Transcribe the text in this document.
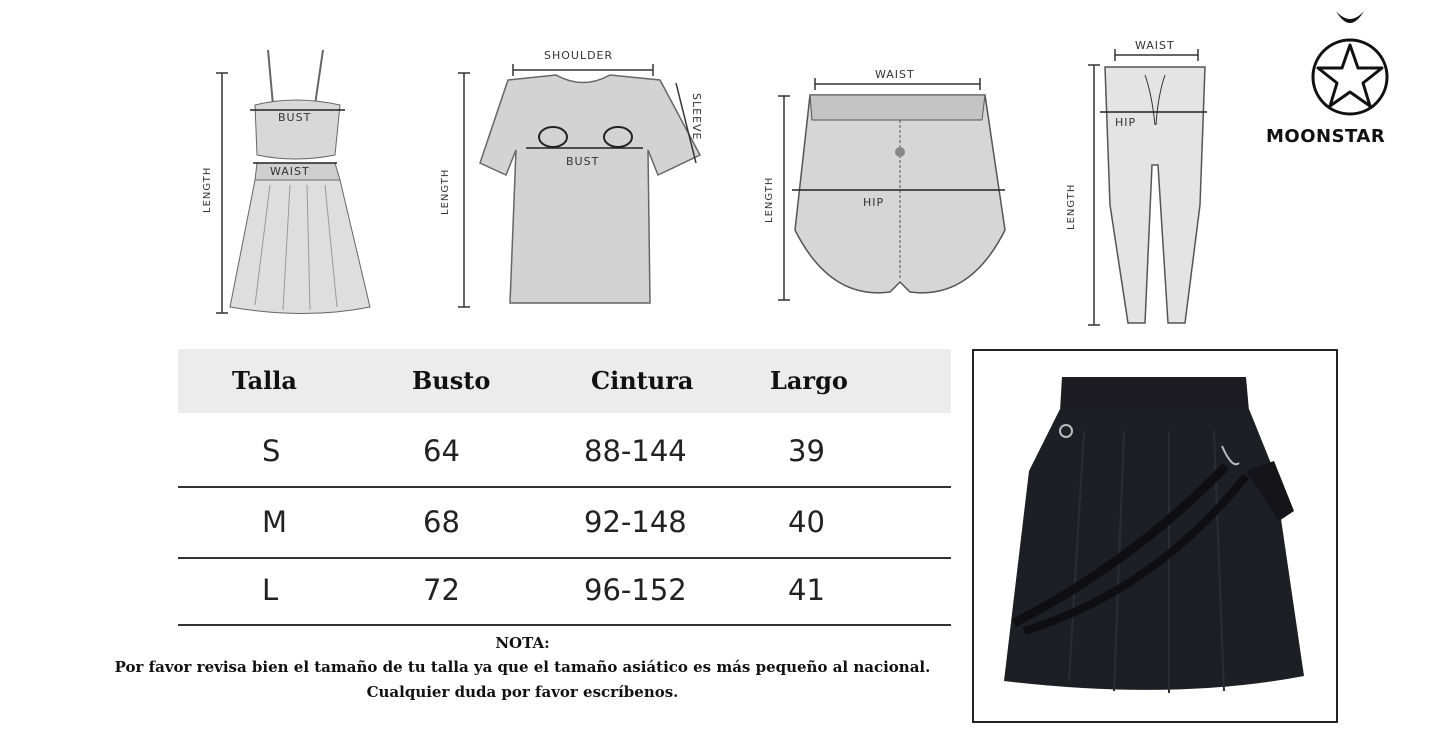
BUST
WAIST
LENGTH
SHOULDER
SLEEVE
BUST
LENGTH
WAIST
HIP
LENGTH
WAIST
HIP
LENGTH
MOONSTAR
Talla	Busto	Cintura	Largo
S	64	88-144	39
M	68	92-148	40
L	72	96-152	41
NOTA:
Por favor revisa bien el tamaño de tu talla ya que el tamaño asiático es más pequeño al nacional.
Cualquier duda por favor escríbenos.
